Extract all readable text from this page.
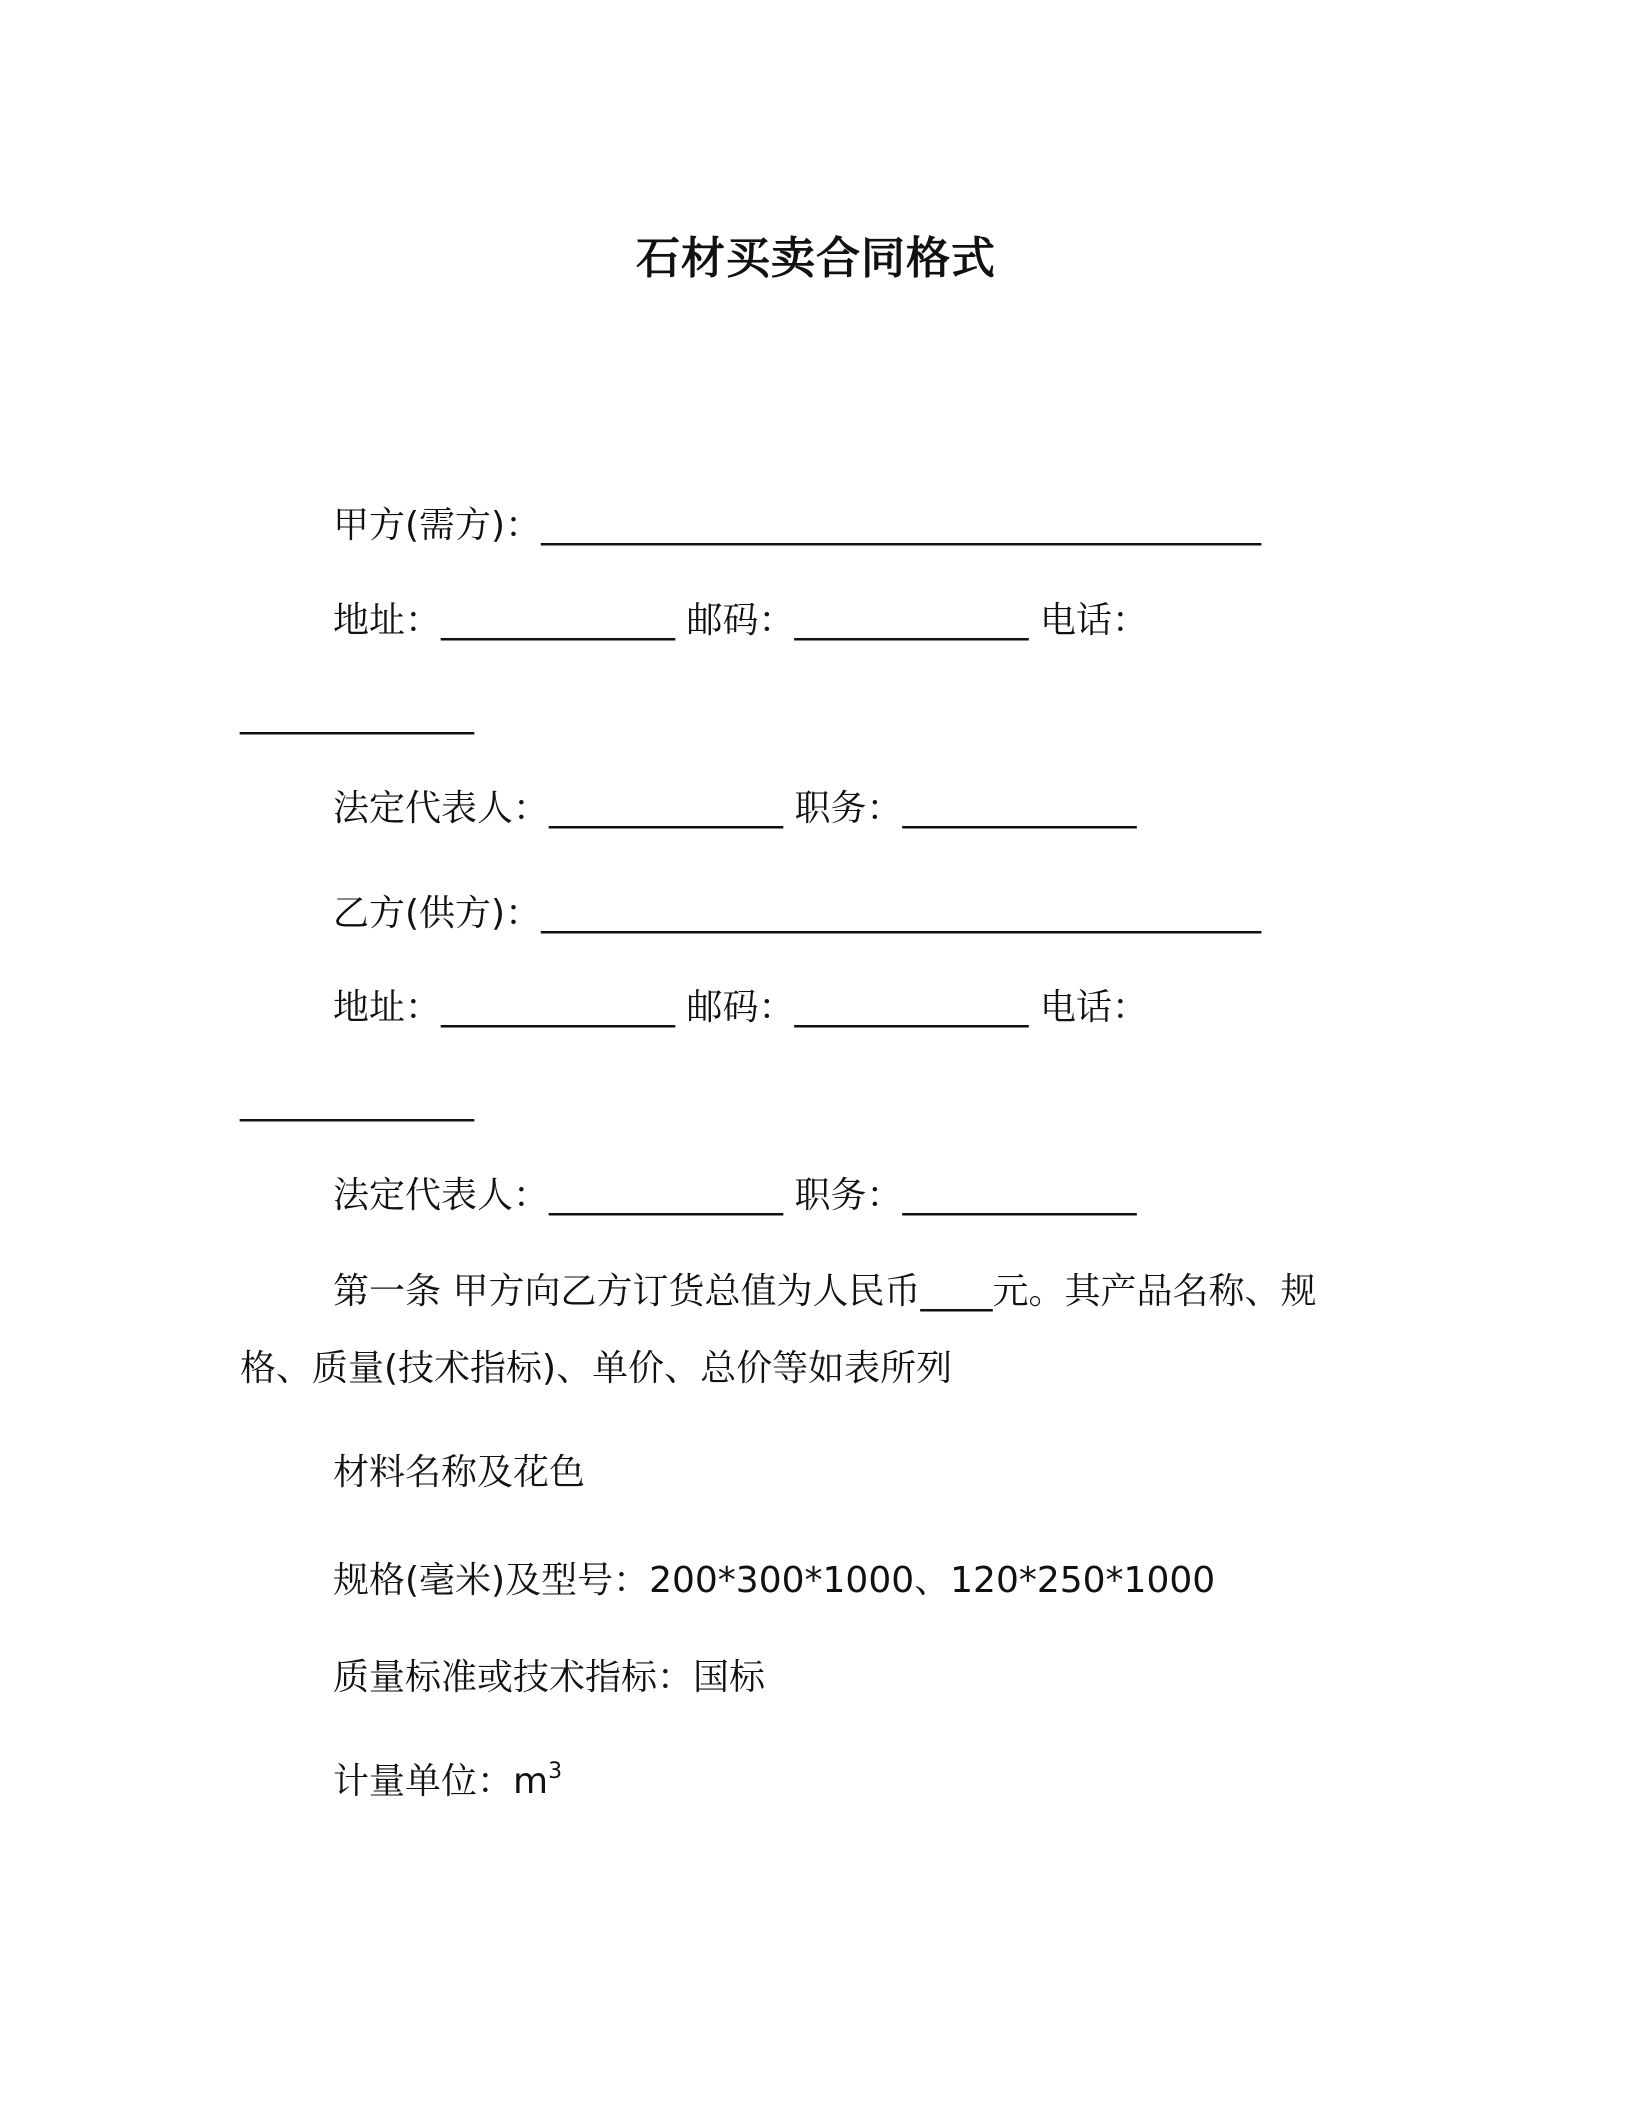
石材买卖合同格式
甲方(需方)：________________________________________
地址：_____________ 邮码：_____________ 电话：
_____________
法定代表人：_____________ 职务：_____________
乙方(供方)：________________________________________
地址：_____________ 邮码：_____________ 电话：
_____________
法定代表人：_____________ 职务：_____________
第一条 甲方向乙方订货总值为人民币____元。其产品名称、规
格、质量(技术指标)、单价、总价等如表所列
材料名称及花色
规格(毫米)及型号：200*300*1000、120*250*1000
质量标准或技术指标：国标
计量单位：$m^3$
